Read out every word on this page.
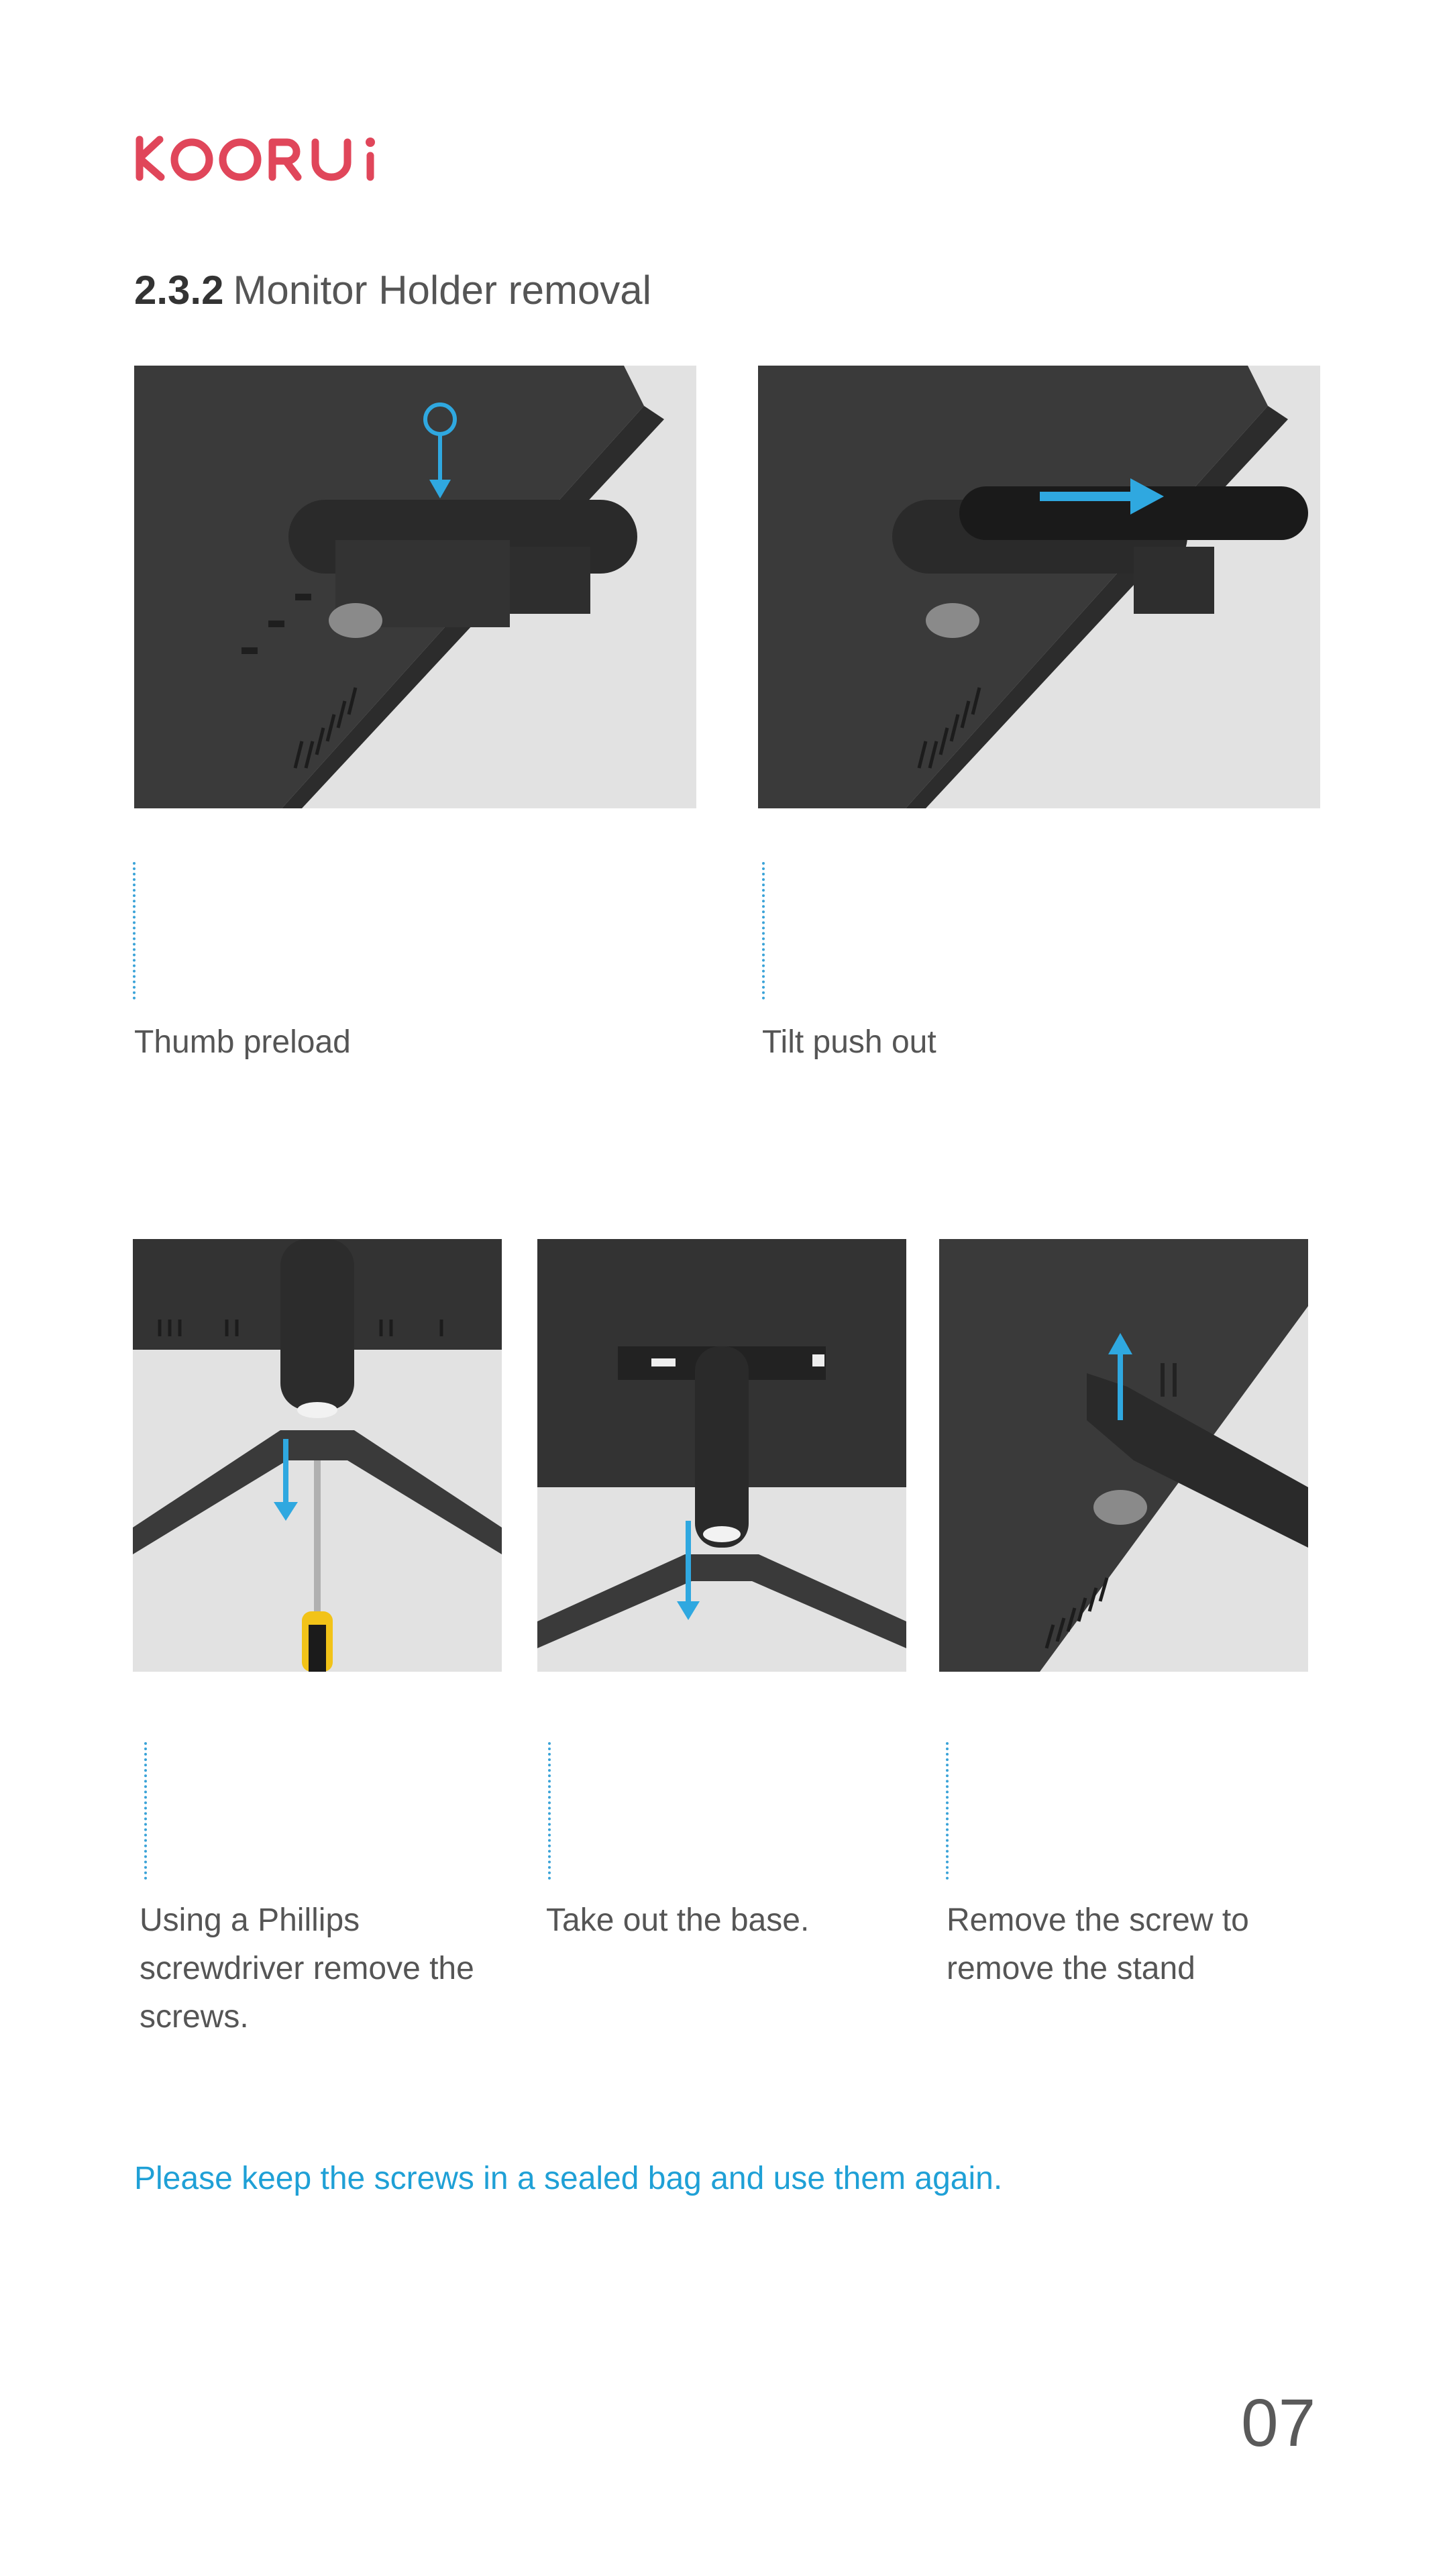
2.3.2 Monitor Holder removal
Thumb preload	Tilt push out
Using a Phillips screwdriver remove the screws.
Take out the base.	Remove the screw to remove the stand
Please keep the screws in a sealed bag and use them again.
07
